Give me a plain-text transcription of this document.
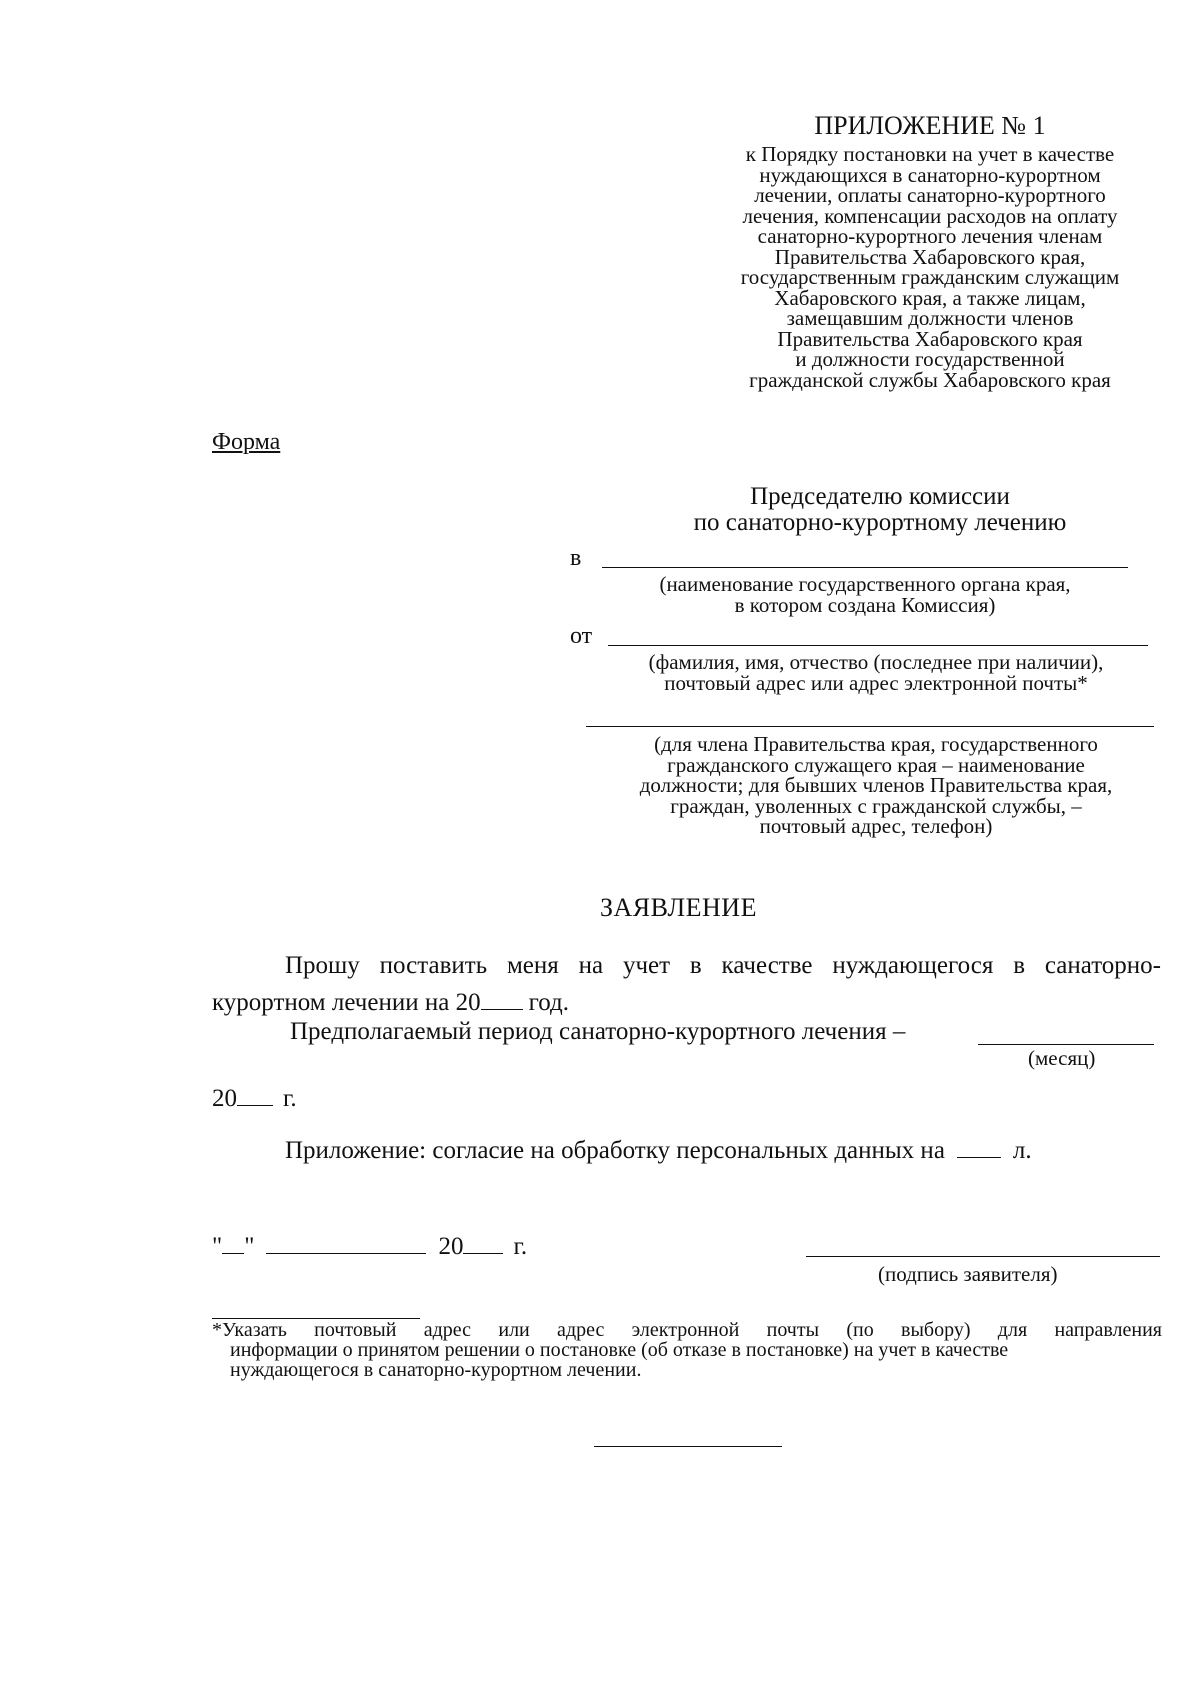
ПРИЛОЖЕНИЕ № 1
к Порядку постановки на учет в качестве
нуждающихся в санаторно-курортном
лечении, оплаты санаторно-курортного
лечения, компенсации расходов на оплату
санаторно-курортного лечения членам
Правительства Хабаровского края,
государственным гражданским служащим
Хабаровского края, а также лицам,
замещавшим должности членов
Правительства Хабаровского края
и должности государственной
гражданской службы Хабаровского края
Форма
Председателю комиссии
по санаторно-курортному лечению
в
(наименование государственного органа края,
в котором создана Комиссия)
от
(фамилия, имя, отчество (последнее при наличии),
почтовый адрес или адрес электронной почты*
(для члена Правительства края, государственного
гражданского служащего края – наименование
должности; для бывших членов Правительства края,
граждан, уволенных с гражданской службы, –
почтовый адрес, телефон)
ЗАЯВЛЕНИЕ
Прошу поставить меня на учет в качестве нуждающегося в санаторно-
курортном лечении на 20 год.
Предполагаемый период санаторно-курортного лечения –
(месяц)
20 г.
Приложение: согласие на обработку персональных данных на	л.
" "	20 г.
(подпись заявителя)
*Указать почтовый адрес или адрес электронной почты (по выбору) для направления
информации о принятом решении о постановке (об отказе в постановке) на учет в качестве
нуждающегося в санаторно-курортном лечении.
